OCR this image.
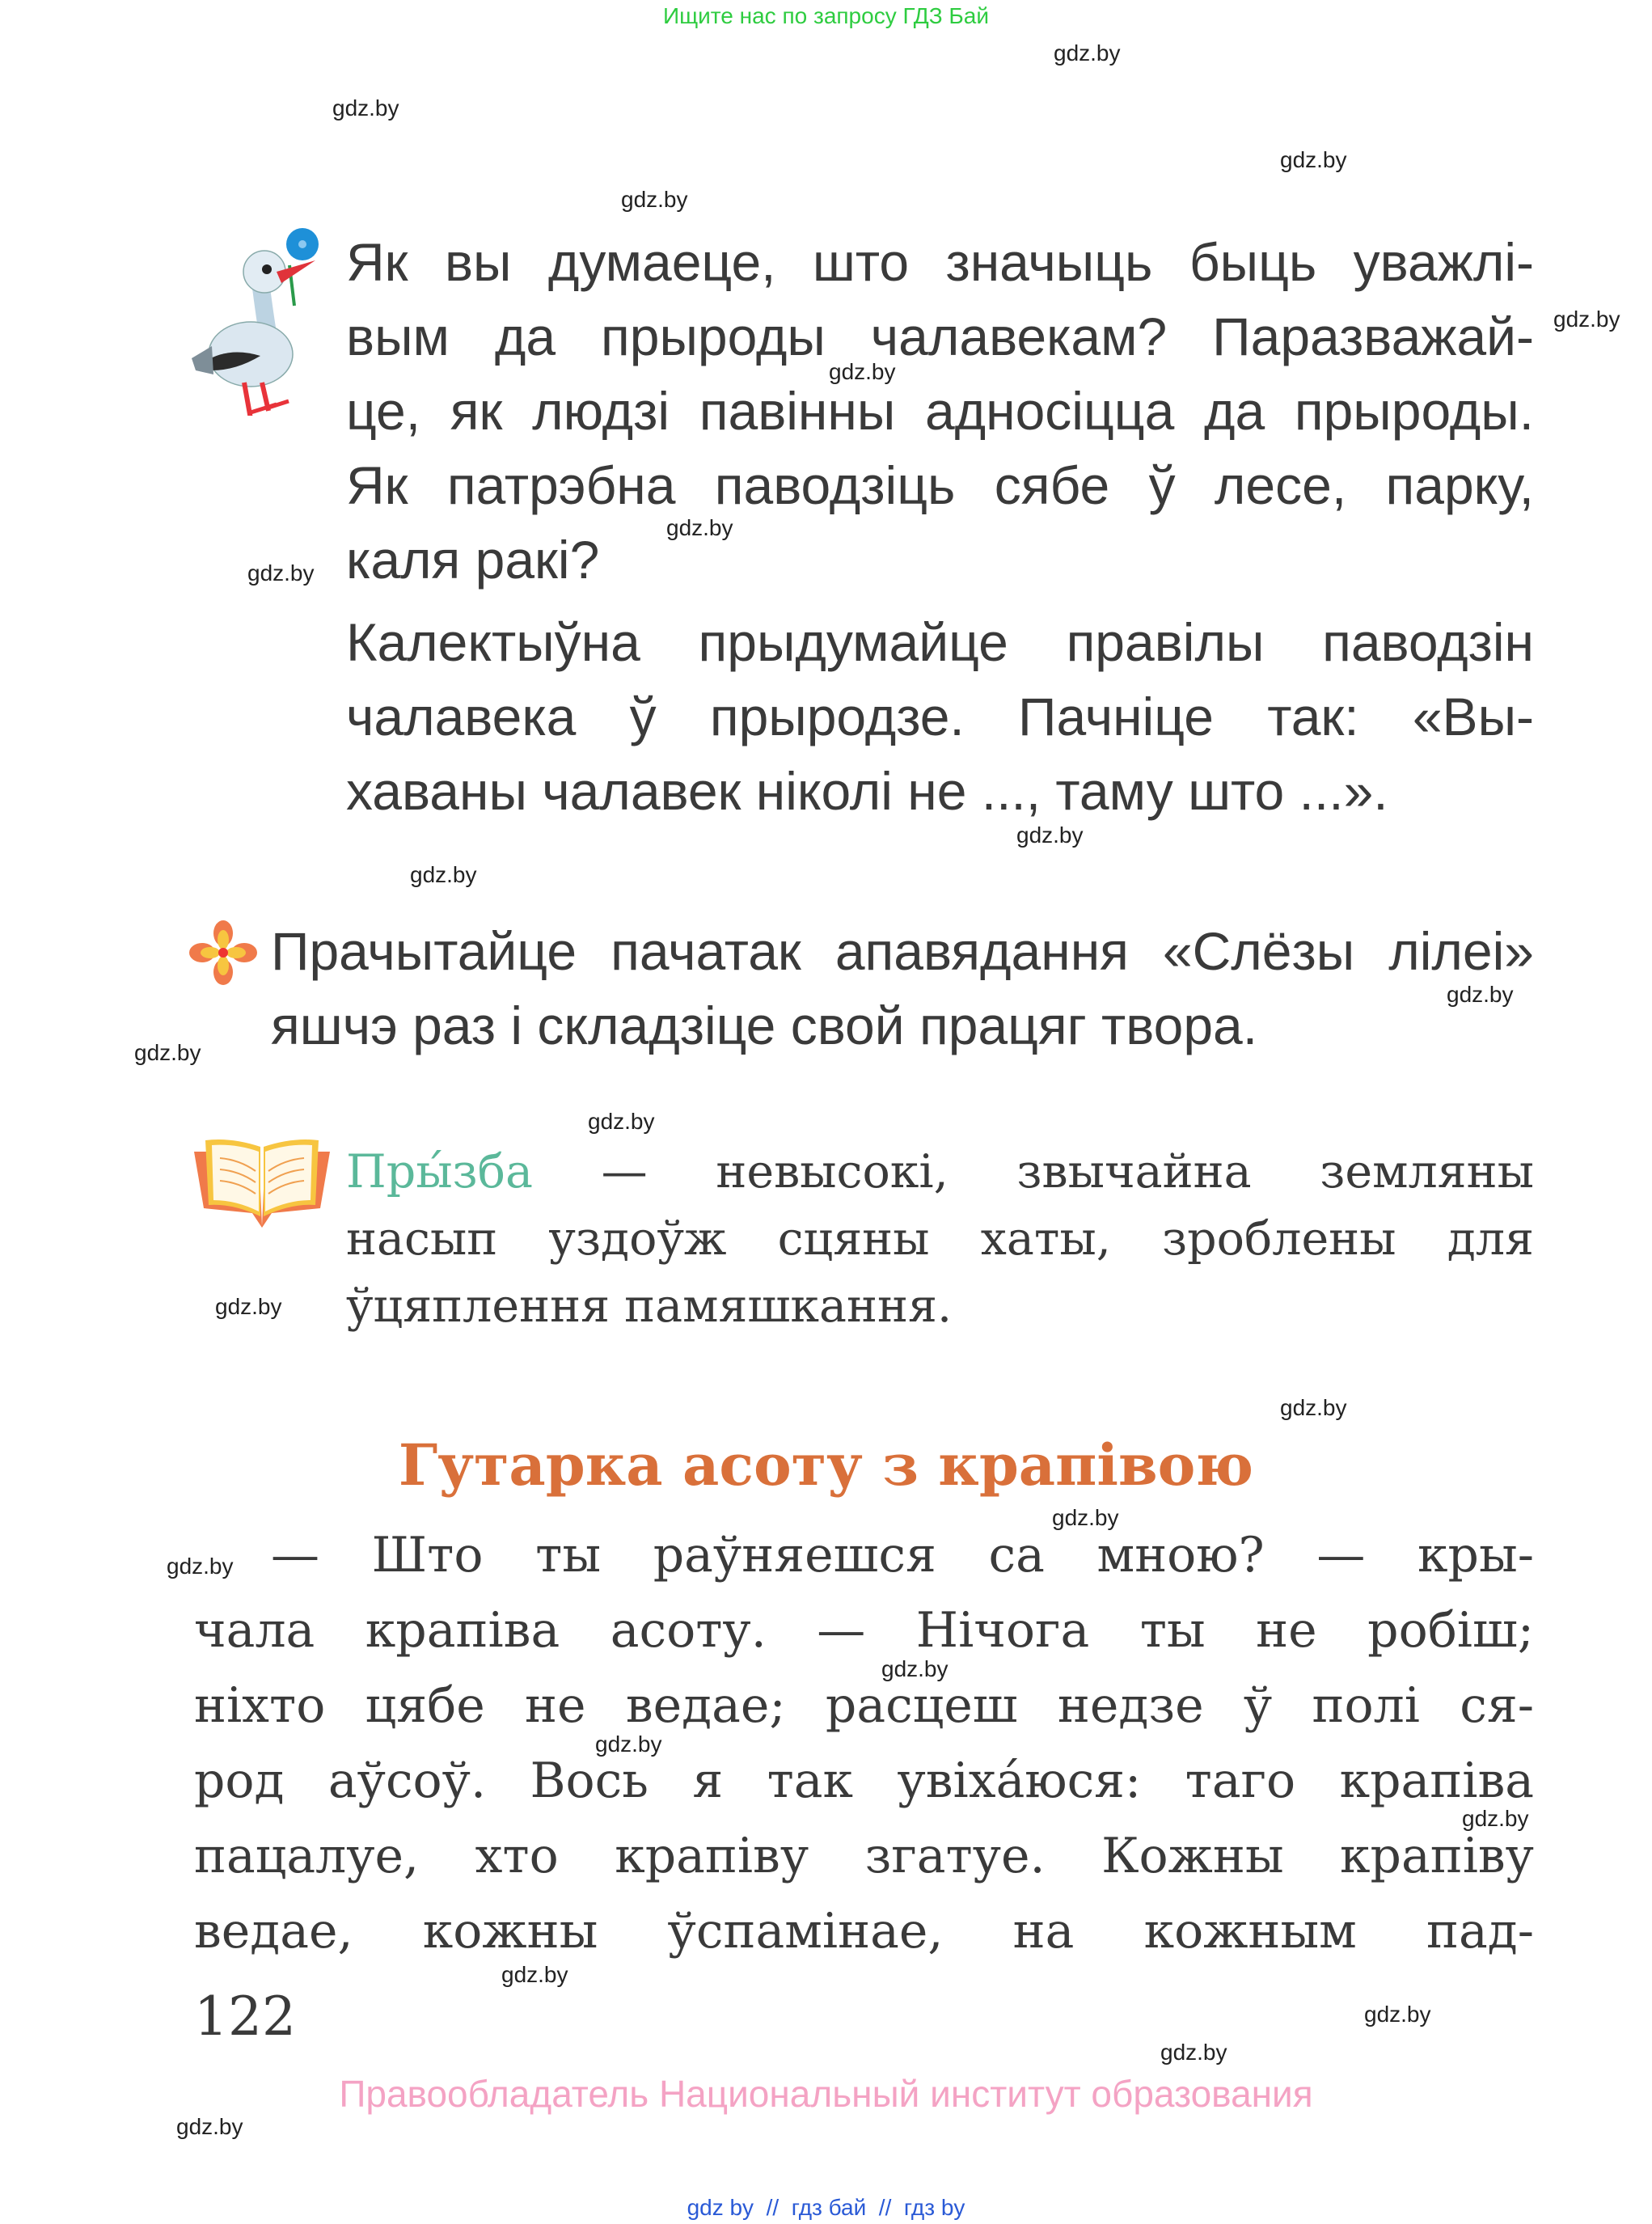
Ищите нас по запросу ГДЗ Бай
gdz.by
gdz.by
gdz.by
gdz.by
gdz.by
gdz.by
gdz.by
gdz.by
gdz.by
gdz.by
gdz.by
gdz.by
gdz.by
gdz.by
gdz.by
gdz.by
gdz.by
gdz.by
gdz.by
gdz.by
gdz.by
gdz.by
gdz.by
gdz.by
Як вы думаеце, што значыць быць уважлі-
вым да прыроды чалавекам? Паразважай-
це, як людзі павінны адносіцца да прыроды.
Як патрэбна паводзіць сябе ў лесе, парку,
каля ракі?
Калектыўна прыдумайце правілы паводзін
чалавека ў прыродзе. Пачніце так: «Вы-
хаваны чалавек ніколі не ..., таму што ...».
Прачытайце пачатак апавядання «Слёзы лілеі»
яшчэ раз і складзіце свой працяг твора.
Пры́зба — невысокі, звычайна земляны
насып уздоўж сцяны хаты, зроблены для
ўцяплення памяшкання.
Гутарка асоту з крапівою
— Што ты раўняешся са мною? — кры-
чала крапіва асоту. — Нічога ты не робіш;
ніхто цябе не ведае; расцеш недзе ў полі ся-
род аўсоў. Вось я так увіха́юся: таго крапіва
пацалуе, хто крапіву згатуе. Кожны крапіву
ведае, кожны ўспамінае, на кожным пад-
122
Правообладатель Национальный институт образования
gdz by  //  гдз бай  //  гдз by
